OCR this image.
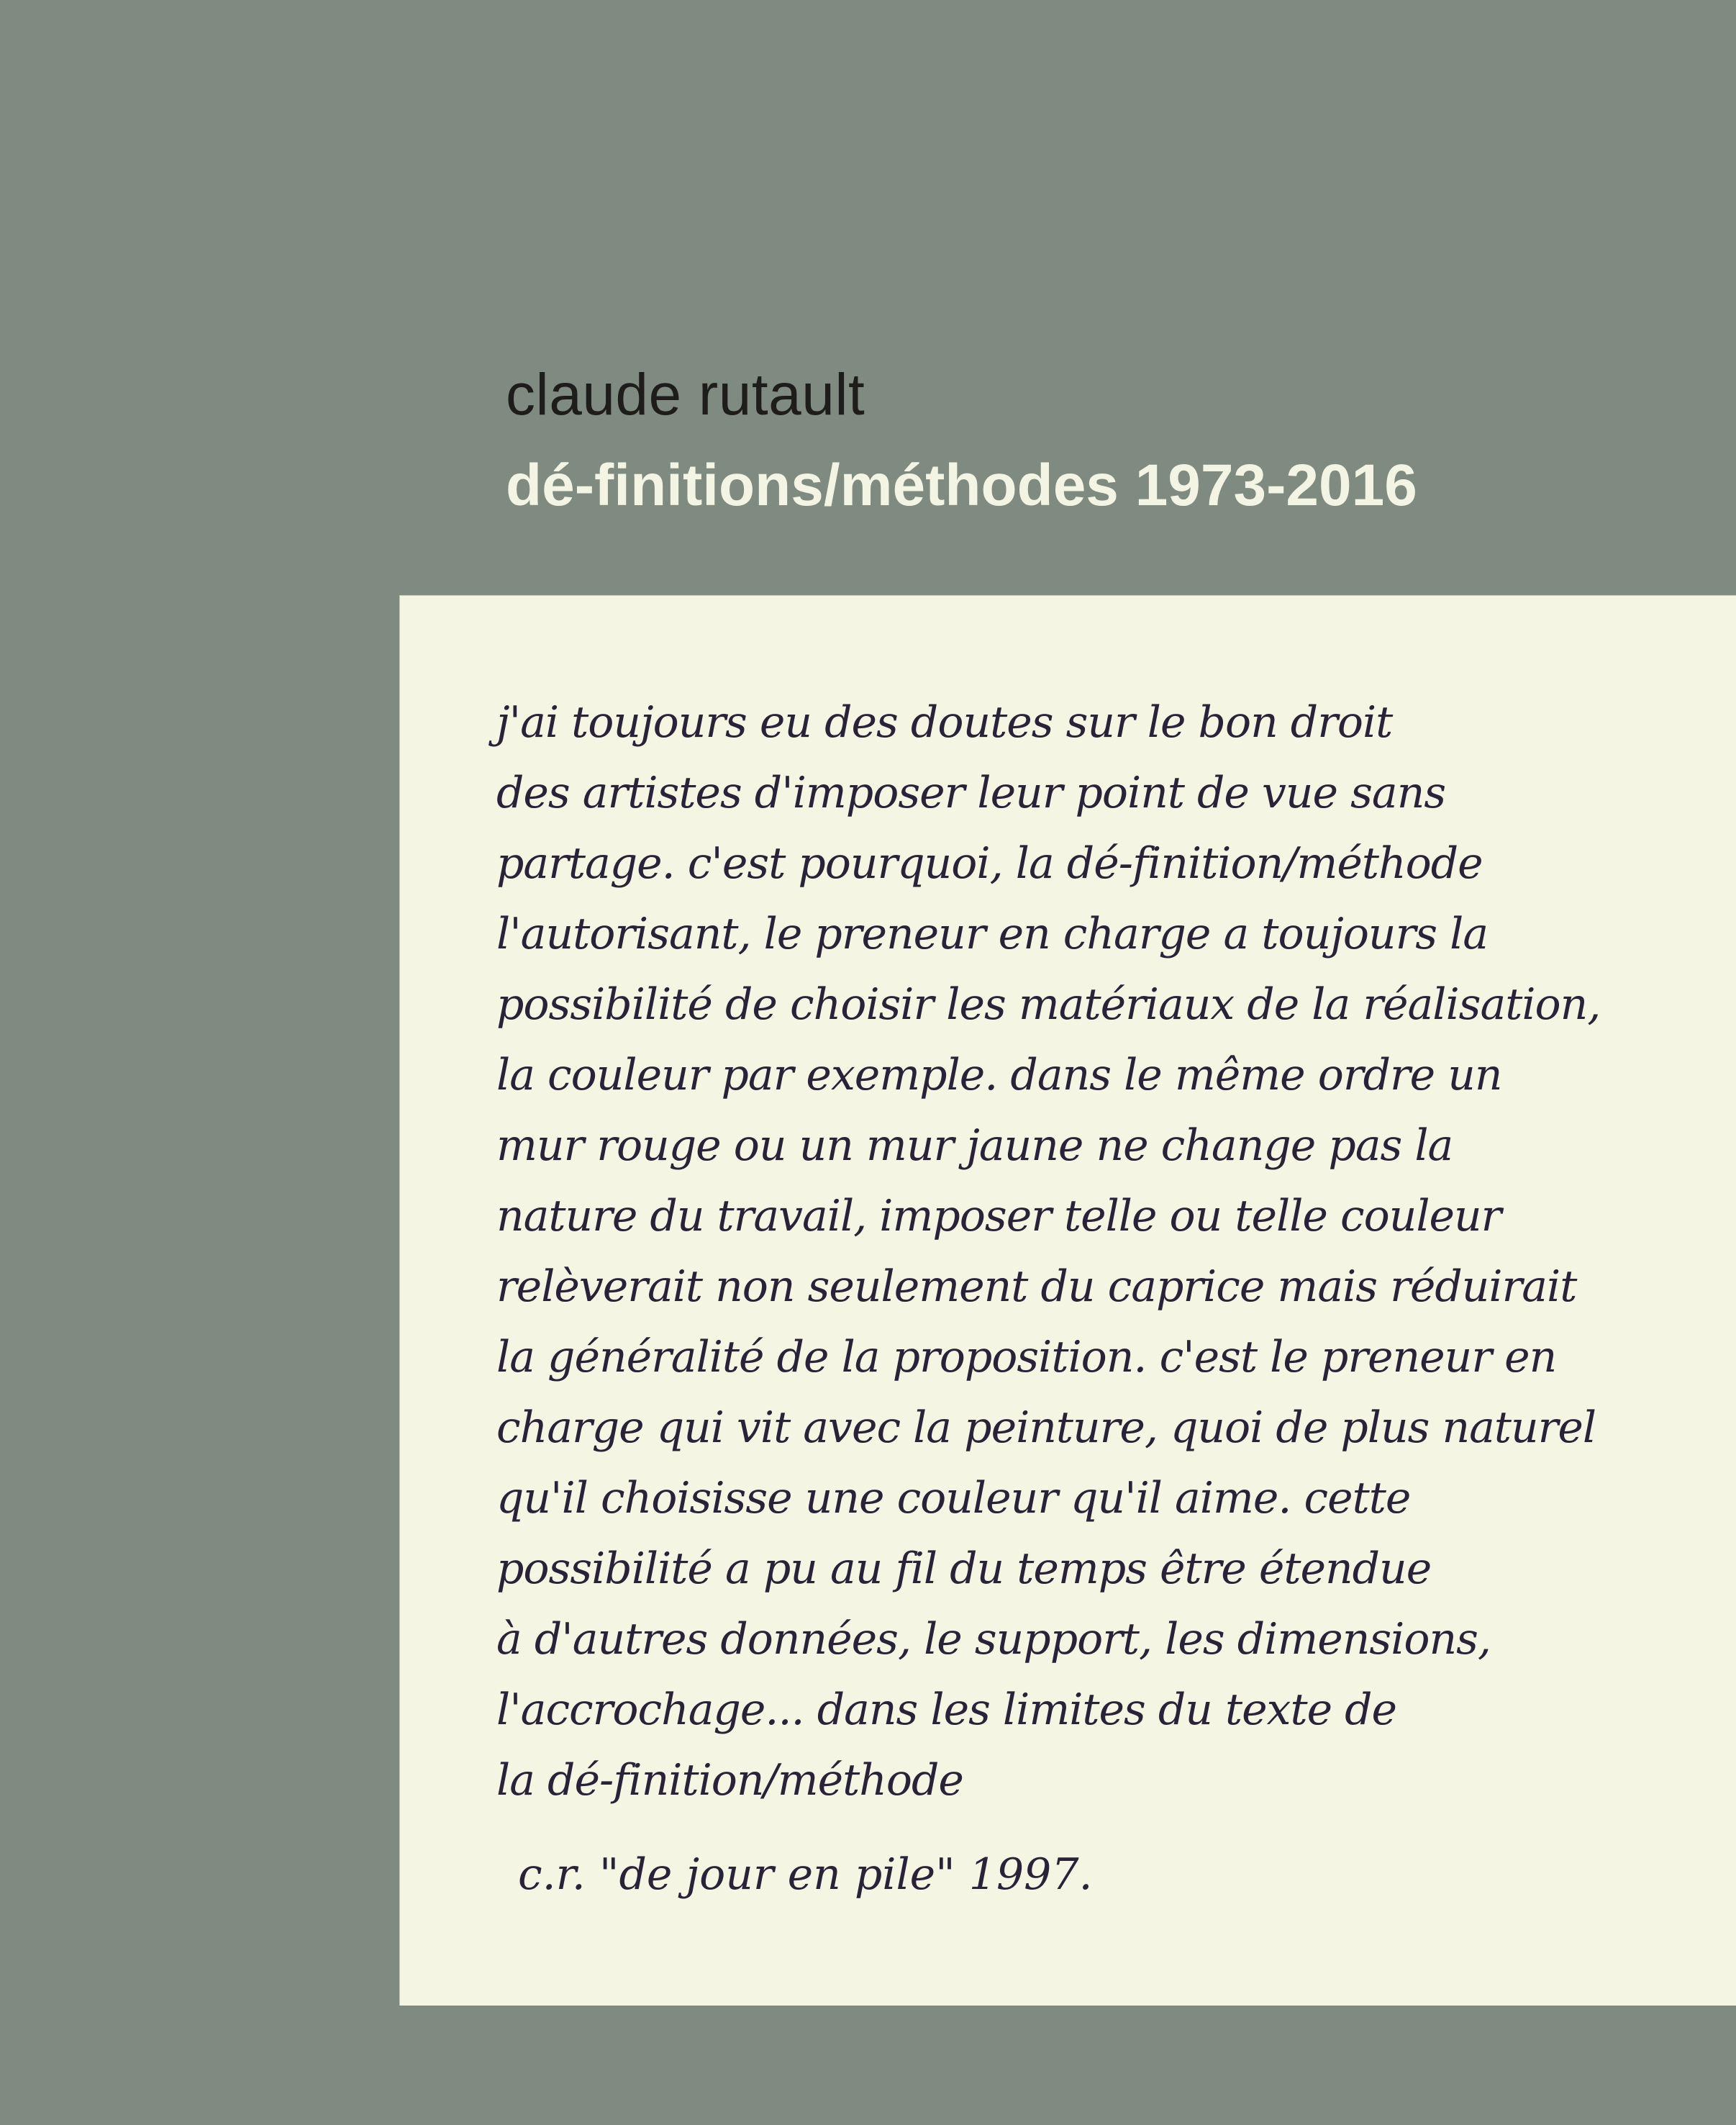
claude rutault
dé-finitions/méthodes 1973-2016
j'ai toujours eu des doutes sur le bon droit
des artistes d'imposer leur point de vue sans
partage. c'est pourquoi, la dé-finition/méthode
l'autorisant, le preneur en charge a toujours la
possibilité de choisir les matériaux de la réalisation,
la couleur par exemple. dans le même ordre un
mur rouge ou un mur jaune ne change pas la
nature du travail, imposer telle ou telle couleur
relèverait non seulement du caprice mais réduirait
la généralité de la proposition. c'est le preneur en
charge qui vit avec la peinture, quoi de plus naturel
qu'il choisisse une couleur qu'il aime. cette
possibilité a pu au fil du temps être étendue
à d'autres données, le support, les dimensions,
l'accrochage... dans les limites du texte de
la dé-finition/méthode

c.r. "de jour en pile" 1997.
